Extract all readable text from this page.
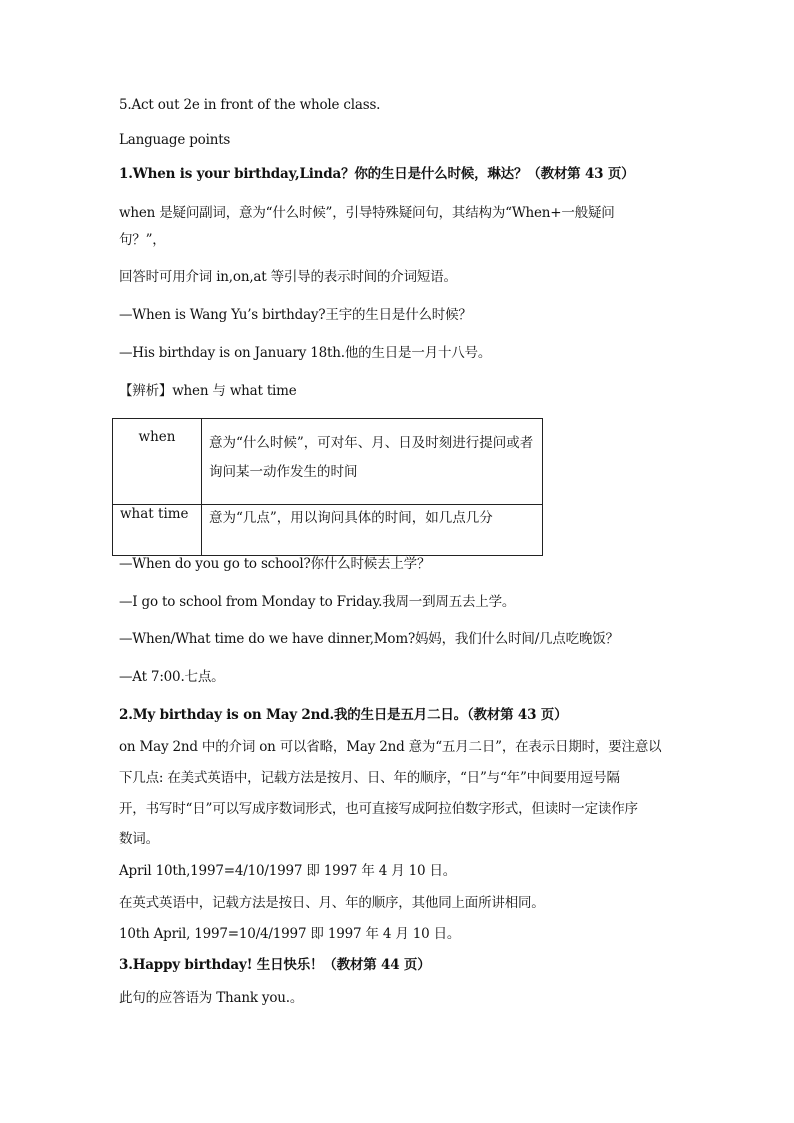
5.Act out 2e in front of the whole class.
Language points
1.When is your birthday,Linda？你的生日是什么时候，琳达？（教材第 43 页）
when 是疑问副词，意为“什么时候”，引导特殊疑问句，其结构为“When+一般疑问
句？”，
回答时可用介词 in,on,at 等引导的表示时间的介词短语。
—When is Wang Yu’s birthday?王宇的生日是什么时候？
—His birthday is on January 18th.他的生日是一月十八号。
【辨析】when 与 what time
when	意为“什么时候”，可对年、月、日及时刻进行提问或者询问某一动作发生的时间
what time	意为“几点”，用以询问具体的时间，如几点几分
—When do you go to school?你什么时候去上学？
—I go to school from Monday to Friday.我周一到周五去上学。
—When/What time do we have dinner,Mom?妈妈，我们什么时间/几点吃晚饭？
—At 7:00.七点。
2.My birthday is on May 2nd.我的生日是五月二日。（教材第 43 页）
on May 2nd 中的介词 on 可以省略，May 2nd 意为“五月二日”，在表示日期时，要注意以
下几点: 在美式英语中，记载方法是按月、日、年的顺序，“日”与“年”中间要用逗号隔
开，书写时“日”可以写成序数词形式，也可直接写成阿拉伯数字形式，但读时一定读作序
数词。
April 10th,1997=4/10/1997 即 1997 年 4 月 10 日。
在英式英语中，记载方法是按日、月、年的顺序，其他同上面所讲相同。
10th April, 1997=10/4/1997 即 1997 年 4 月 10 日。
3.Happy birthday! 生日快乐！（教材第 44 页）
此句的应答语为 Thank you.。
